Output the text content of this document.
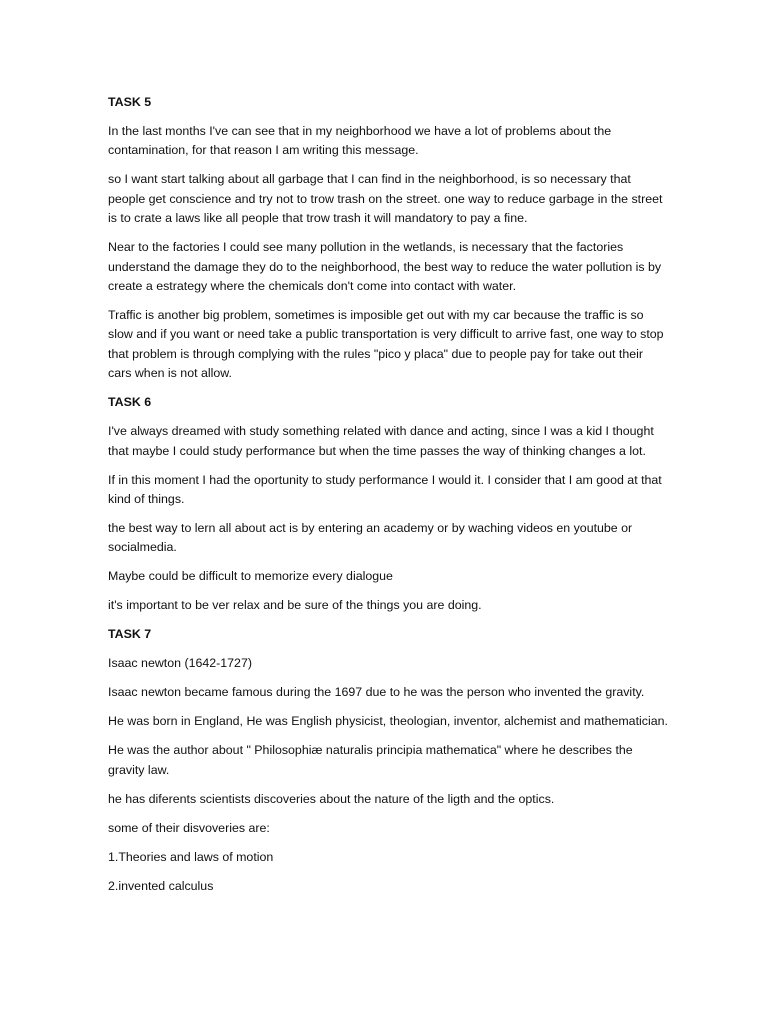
TASK 5

In the last months I've can see that in my neighborhood we have a lot of problems about the contamination, for that reason I am writing this message.

so I want start talking about all garbage that I can find in the neighborhood, is so necessary that people get conscience and try not to trow trash on the street. one way to reduce garbage in the street is to crate a laws like all people that trow trash it will mandatory to pay a fine.

Near to the factories I could see many pollution in the wetlands, is necessary that the factories understand the damage they do to the neighborhood, the best way to reduce the water pollution is by create a estrategy where the chemicals don't come into contact with water.

Traffic is another big problem, sometimes is imposible get out with my car because the traffic is so slow and if you want or need take a public transportation is very difficult to arrive fast, one way to stop that problem is through complying with the rules "pico y placa" due to people pay for take out their cars when is not allow.

TASK 6

I've always dreamed with study something related with dance and acting, since I was a kid I thought that maybe I could study performance but when the time passes the way of thinking changes a lot.

If in this moment I had the oportunity to study performance I would it. I consider that I am good at that kind of things.

the best way to lern all about act is by entering an academy or by waching videos en youtube or socialmedia.

Maybe could be difficult to memorize every dialogue

it's important to be ver relax and be sure of the things you are doing.

TASK 7

Isaac newton (1642-1727)

Isaac newton became famous during the 1697 due to he was the person who invented the gravity.

He was born in England, He was English physicist, theologian, inventor, alchemist and mathematician.

He was the author about " Philosophiæ naturalis principia mathematica" where he describes the gravity law.

he has diferents scientists discoveries about the nature of the ligth and the optics.

some of their disvoveries are:

1.Theories and laws of motion

2.invented calculus
